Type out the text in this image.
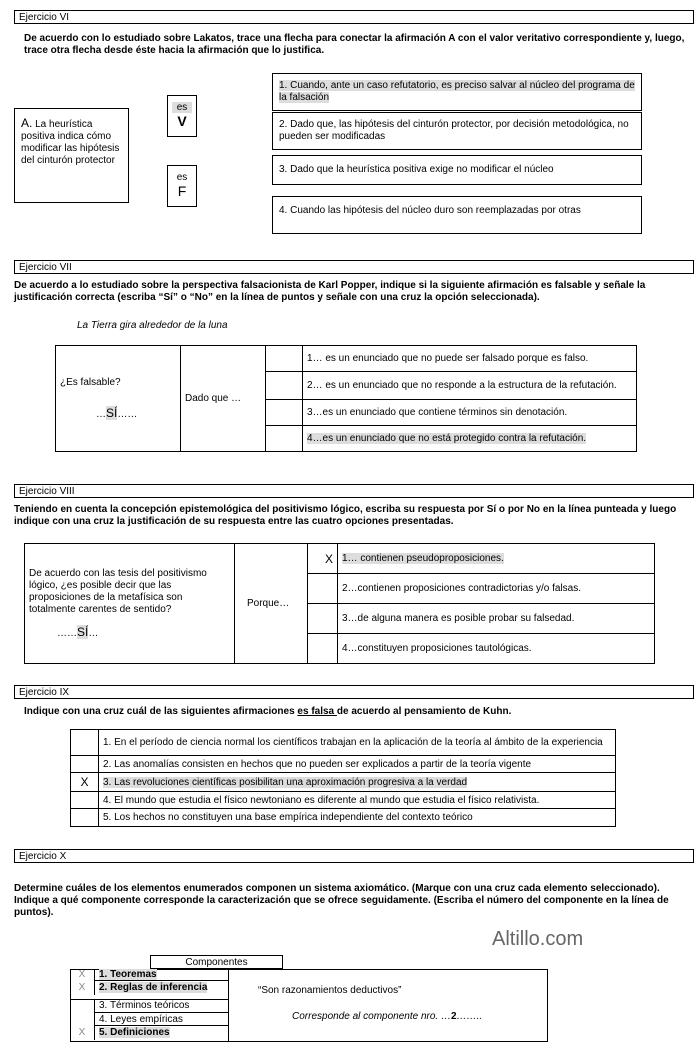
Ejercicio VI
De acuerdo con lo estudiado sobre Lakatos, trace una flecha para conectar la afirmación A con el valor veritativo correspondiente y, luego, trace otra flecha desde éste hacia la afirmación que lo justifica.
A. La heurística positiva indica cómo modificar las hipótesis del cinturón protector
es
V
es
F
1. Cuando, ante un caso refutatorio, es preciso salvar al núcleo del programa de la falsación
2. Dado que, las hipótesis del cinturón protector, por decisión metodológica, no pueden ser modificadas
3. Dado que la heurística positiva exige no modificar el núcleo
4. Cuando las hipótesis del núcleo duro son reemplazadas por otras
Ejercicio VII
De acuerdo a lo estudiado sobre la perspectiva falsacionista de Karl Popper, indique si la siguiente afirmación es falsable y señale la justificación correcta (escriba “Sí” o “No” en la línea de puntos y señale con una cruz la opción seleccionada).
La Tierra gira alrededor de la luna
¿Es falsable?
…SÍ……	Dado que …		1… es un enunciado que no puede ser falsado porque es falso.
			2… es un enunciado que no responde a la estructura de la refutación.
			3…es un enunciado que contiene términos sin denotación.
			4…es un enunciado que no está protegido contra la refutación.
Ejercicio VIII
Teniendo en cuenta la concepción epistemológica del positivismo lógico, escriba su respuesta por Sí o por No en la línea punteada y luego indique con una cruz la justificación de su respuesta entre las cuatro opciones presentadas.
De acuerdo con las tesis del positivismo lógico, ¿es posible decir que las proposiciones de la metafísica son totalmente carentes de sentido?
……SÍ…	Porque…	X	1… contienen pseudoproposiciones.
			2…contienen proposiciones contradictorias y/o falsas.
			3…de alguna manera es posible probar su falsedad.
			4…constituyen proposiciones tautológicas.
Ejercicio IX
Indique con una cruz cuál de las siguientes afirmaciones es falsa de acuerdo al pensamiento de Kuhn.
	1. En el período de ciencia normal los científicos trabajan en la aplicación de la teoría al ámbito de la experiencia
	2. Las anomalías consisten en hechos que no pueden ser explicados a partir de la teoría vigente
X	3. Las revoluciones científicas posibilitan una aproximación progresiva a la verdad
	4. El mundo que estudia el físico newtoniano es diferente al mundo que estudia el físico relativista.
	5. Los hechos no constituyen una base empírica independiente del contexto teórico
Ejercicio X
Determine cuáles de los elementos enumerados componen un sistema axiomático. (Marque con una cruz cada elemento seleccionado). Indique a qué componente corresponde la caracterización que se ofrece seguidamente. (Escriba el número del componente en la línea de puntos).
Altillo.com
Componentes
X	1. Teoremas
X	2. Reglas de inferencia
3. Términos teóricos
4. Leyes empíricas
X	5. Definiciones
“Son razonamientos deductivos”
Corresponde al componente nro. …2……..
